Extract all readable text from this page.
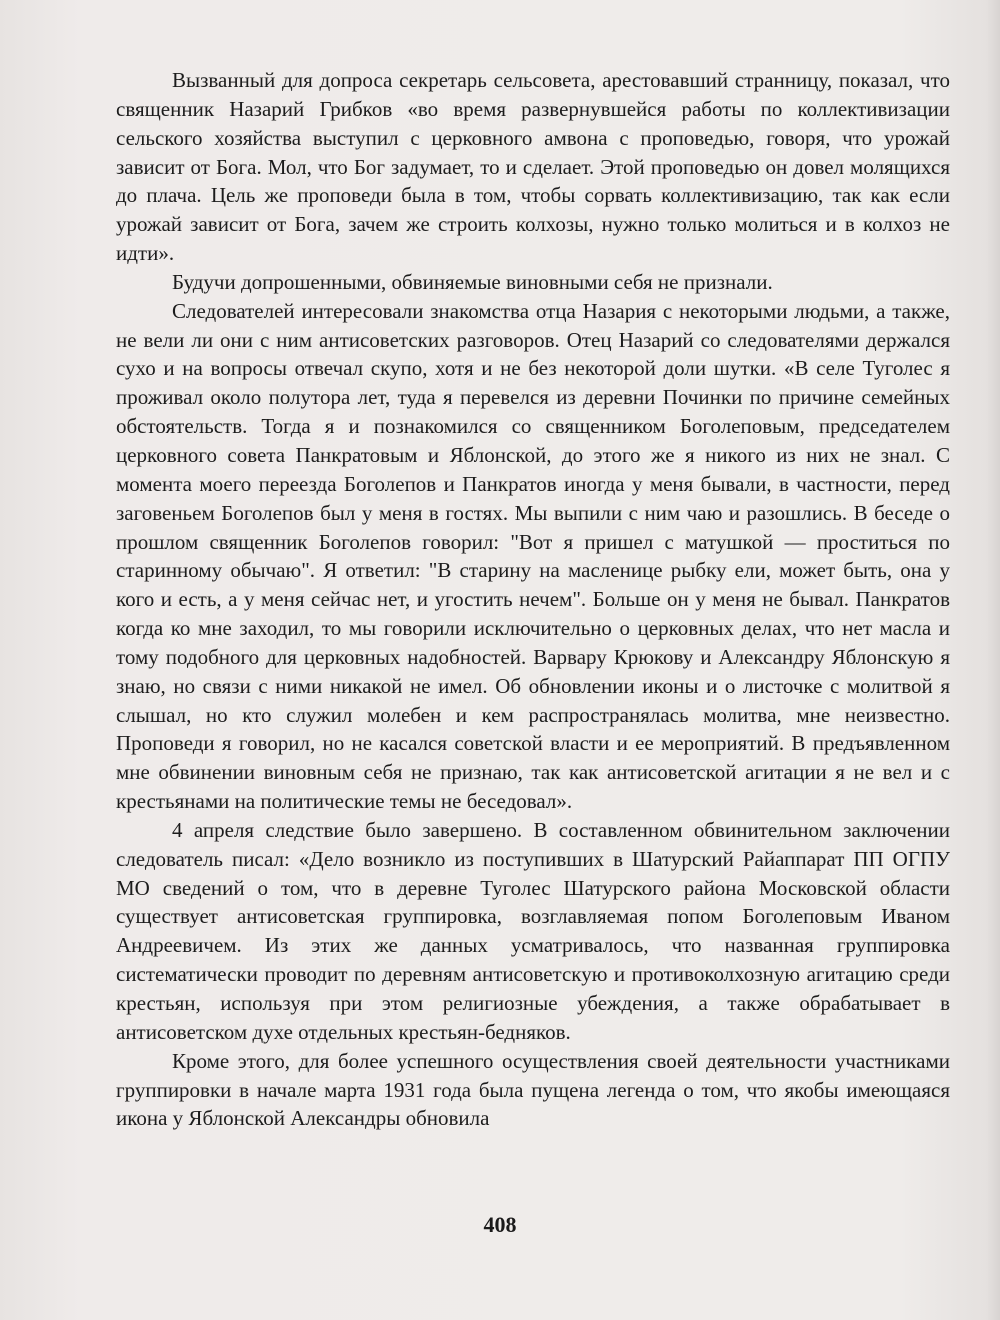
Вызванный для допроса секретарь сельсовета, арестовавший странницу, показал, что священник Назарий Грибков «во время развернувшейся работы по коллективизации сельского хозяйства выступил с церковного амвона с проповедью, говоря, что урожай зависит от Бога. Мол, что Бог задумает, то и сделает. Этой проповедью он довел молящихся до плача. Цель же проповеди была в том, чтобы сорвать коллективизацию, так как если урожай зависит от Бога, зачем же строить колхозы, нужно только молиться и в колхоз не идти».

Будучи допрошенными, обвиняемые виновными себя не признали.

Следователей интересовали знакомства отца Назария с некоторыми людьми, а также, не вели ли они с ним антисоветских разговоров. Отец Назарий со следователями держался сухо и на вопросы отвечал скупо, хотя и не без некоторой доли шутки. «В селе Туголес я проживал около полутора лет, туда я перевелся из деревни Починки по причине семейных обстоятельств. Тогда я и познакомился со священником Боголеповым, председателем церковного совета Панкратовым и Яблонской, до этого же я никого из них не знал. С момента моего переезда Боголепов и Панкратов иногда у меня бывали, в частности, перед заговеньем Боголепов был у меня в гостях. Мы выпили с ним чаю и разошлись. В беседе о прошлом священник Боголепов говорил: "Вот я пришел с матушкой — проститься по старинному обычаю". Я ответил: "В старину на масленице рыбку ели, может быть, она у кого и есть, а у меня сейчас нет, и угостить нечем". Больше он у меня не бывал. Панкратов когда ко мне заходил, то мы говорили исключительно о церковных делах, что нет масла и тому подобного для церковных надобностей. Варвару Крюкову и Александру Яблонскую я знаю, но связи с ними никакой не имел. Об обновлении иконы и о листочке с молитвой я слышал, но кто служил молебен и кем распространялась молитва, мне неизвестно. Проповеди я говорил, но не касался советской власти и ее мероприятий. В предъявленном мне обвинении виновным себя не признаю, так как антисоветской агитации я не вел и с крестьянами на политические темы не беседовал».

4 апреля следствие было завершено. В составленном обвинительном заключении следователь писал: «Дело возникло из поступивших в Шатурский Райаппарат ПП ОГПУ МО сведений о том, что в деревне Туголес Шатурского района Московской области существует антисоветская группировка, возглавляемая попом Боголеповым Иваном Андреевичем. Из этих же данных усматривалось, что названная группировка систематически проводит по деревням антисоветскую и противоколхозную агитацию среди крестьян, используя при этом религиозные убеждения, а также обрабатывает в антисоветском духе отдельных крестьян-бедняков.

Кроме этого, для более успешного осуществления своей деятельности участниками группировки в начале марта 1931 года была пущена легенда о том, что якобы имеющаяся икона у Яблонской Александры обновила

408
